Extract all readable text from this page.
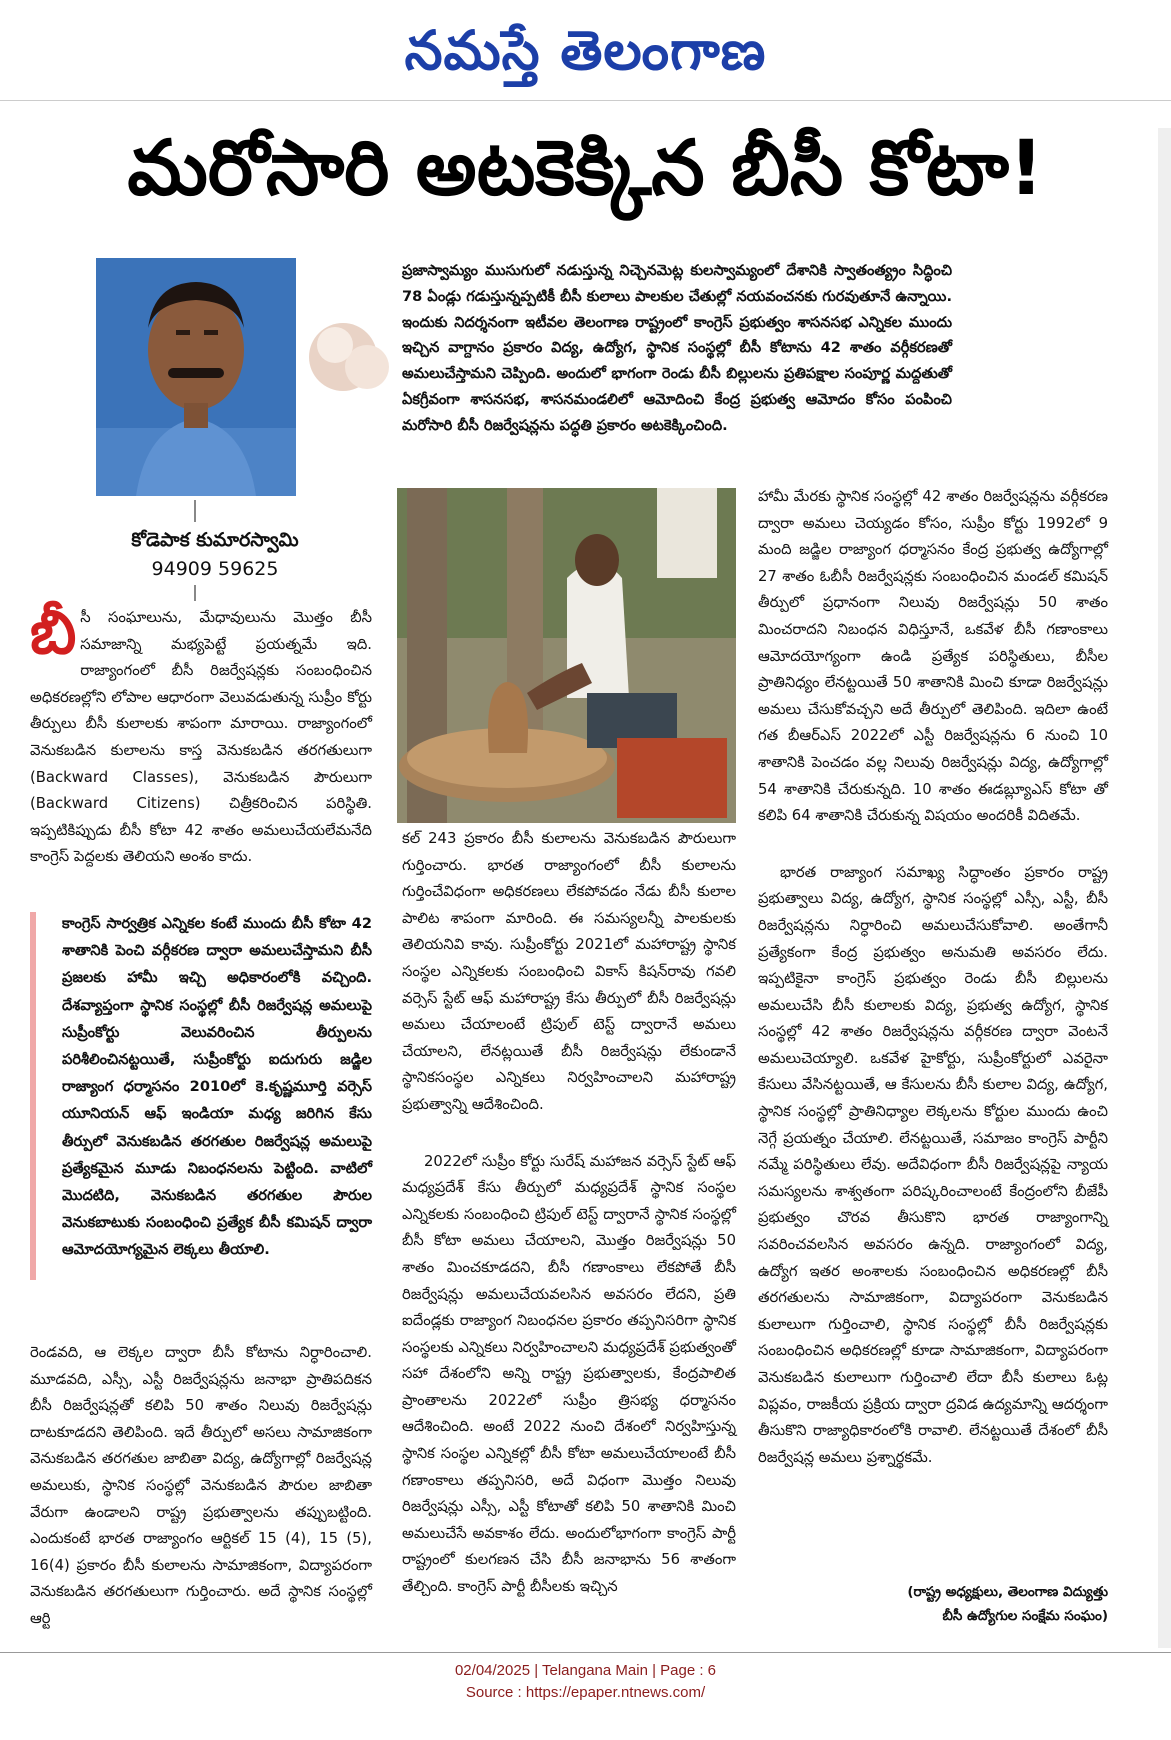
నమస్తే తెలంగాణ
మరోసారి అటకెక్కిన బీసీ కోటా!
కోడెపాక కుమారస్వామి
94909 59625
ప్రజాస్వామ్యం ముసుగులో నడుస్తున్న నిచ్చెనమెట్ల కులస్వామ్యంలో దేశానికి స్వాతంత్య్రం సిద్ధించి 78 ఏండ్లు గడుస్తున్నప్పటికీ బీసీ కులాలు పాలకుల చేతుల్లో నయవంచనకు గురవుతూనే ఉన్నాయి. ఇందుకు నిదర్శనంగా ఇటీవల తెలంగాణ రాష్ట్రంలో కాంగ్రెస్ ప్రభుత్వం శాసనసభ ఎన్నికల ముందు ఇచ్చిన వాగ్దానం ప్రకారం విద్య, ఉద్యోగ, స్థానిక సంస్థల్లో బీసీ కోటాను 42 శాతం వర్గీకరణతో అమలుచేస్తామని చెప్పింది. అందులో భాగంగా రెండు బీసీ బిల్లులను ప్రతిపక్షాల సంపూర్ణ మద్దతుతో ఏకగ్రీవంగా శాసనసభ, శాసనమండలిలో ఆమోదించి కేంద్ర ప్రభుత్వ ఆమోదం కోసం పంపించి మరోసారి బీసీ రిజర్వేషన్లను పద్ధతి ప్రకారం అటకెక్కించింది.
బీ సీ సంఘాలును, మేధావులును మొత్తం బీసీ సమాజాన్ని మభ్యపెట్టే ప్రయత్నమే ఇది. రాజ్యాంగంలో బీసీ రిజర్వేషన్లకు సంబంధించిన అధికరణల్లోని లోపాల ఆధారంగా వెలువడుతున్న సుప్రీం కోర్టు తీర్పులు బీసీ కులాలకు శాపంగా మారాయి. రాజ్యాంగంలో వెనుకబడిన కులాలను కాస్త వెనుకబడిన తరగతులుగా (Backward Classes), వెనుకబడిన పౌరులుగా (Backward Citizens) చిత్రీకరించిన పరిస్థితి. ఇప్పటికిప్పుడు బీసీ కోటా 42 శాతం అమలుచేయలేమనేది కాంగ్రెస్ పెద్దలకు తెలియని అంశం కాదు.
కాంగ్రెస్ సార్వత్రిక ఎన్నికల కంటే ముందు బీసీ కోటా 42 శాతానికి పెంచి వర్గీకరణ ద్వారా అమలుచేస్తామని బీసీ ప్రజలకు హామీ ఇచ్చి అధికారంలోకి వచ్చింది. దేశవ్యాప్తంగా స్థానిక సంస్థల్లో బీసీ రిజర్వేషన్ల అమలుపై సుప్రీంకోర్టు వెలువరించిన తీర్పులను పరిశీలించినట్టయితే, సుప్రీంకోర్టు ఐదుగురు జడ్జిల రాజ్యాంగ ధర్మాసనం 2010లో కె.కృష్ణమూర్తి వర్సెస్ యూనియన్ ఆఫ్ ఇండియా మధ్య జరిగిన కేసు తీర్పులో వెనుకబడిన తరగతుల రిజర్వేషన్ల అమలుపై ప్రత్యేకమైన మూడు నిబంధనలను పెట్టింది. వాటిలో మొదటిది, వెనుకబడిన తరగతుల పౌరుల వెనుకబాటుకు సంబంధించి ప్రత్యేక బీసీ కమిషన్ ద్వారా ఆమోదయోగ్యమైన లెక్కలు తీయాలి.
రెండవది, ఆ లెక్కల ద్వారా బీసీ కోటాను నిర్ధారించాలి. మూడవది, ఎస్సీ, ఎస్టీ రిజర్వేషన్లను జనాభా ప్రాతిపదికన బీసీ రిజర్వేషన్లతో కలిపి 50 శాతం నిలువు రిజర్వేషన్లు దాటకూడదని తెలిపింది. ఇదే తీర్పులో అసలు సామాజికంగా వెనుకబడిన తరగతుల జాబితా విద్య, ఉద్యోగాల్లో రిజర్వేషన్ల అమలుకు, స్థానిక సంస్థల్లో వెనుకబడిన పౌరుల జాబితా వేరుగా ఉండాలని రాష్ట్ర ప్రభుత్వాలను తప్పుబట్టింది. ఎందుకంటే భారత రాజ్యాంగం ఆర్టికల్ 15 (4), 15 (5), 16(4) ప్రకారం బీసీ కులాలను సామాజికంగా, విద్యాపరంగా వెనుకబడిన తరగతులుగా గుర్తించారు. అదే స్థానిక సంస్థల్లో ఆర్టి

కల్ 243 ప్రకారం బీసీ కులాలను వెనుకబడిన పౌరులుగా గుర్తించారు. భారత రాజ్యాంగంలో బీసీ కులాలను గుర్తించేవిధంగా అధికరణలు లేకపోవడం నేడు బీసీ కులాల పాలిట శాపంగా మారింది. ఈ సమస్యలన్నీ పాలకులకు తెలియనివి కావు. సుప్రీంకోర్టు 2021లో మహారాష్ట్ర స్థానిక సంస్థల ఎన్నికలకు సంబంధించి వికాస్ కిషన్‌రావు గవలి వర్సెస్ స్టేట్ ఆఫ్ మహారాష్ట్ర కేసు తీర్పులో బీసీ రిజర్వేషన్లు అమలు చేయాలంటే ట్రిపుల్ టెస్ట్ ద్వారానే అమలు చేయాలని, లేనట్లయితే బీసీ రిజర్వేషన్లు లేకుండానే స్థానికసంస్థల ఎన్నికలు నిర్వహించాలని మహారాష్ట్ర ప్రభుత్వాన్ని ఆదేశించింది.

2022లో సుప్రీం కోర్టు సురేష్ మహాజన వర్సెస్ స్టేట్ ఆఫ్ మధ్యప్రదేశ్ కేసు తీర్పులో మధ్యప్రదేశ్ స్థానిక సంస్థల ఎన్నికలకు సంబంధించి ట్రిపుల్ టెస్ట్ ద్వారానే స్థానిక సంస్థల్లో బీసీ కోటా అమలు చేయాలని, మొత్తం రిజర్వేషన్లు 50 శాతం మించకూడదని, బీసీ గణాంకాలు లేకపోతే బీసీ రిజర్వేషన్లు అమలుచేయవలసిన అవసరం లేదని, ప్రతి ఐదేండ్లకు రాజ్యాంగ నిబంధనల ప్రకారం తప్పనిసరిగా స్థానిక సంస్థలకు ఎన్నికలు నిర్వహించాలని మధ్యప్రదేశ్ ప్రభుత్వంతో సహా దేశంలోని అన్ని రాష్ట్ర ప్రభుత్వాలకు, కేంద్రపాలిత ప్రాంతాలను 2022లో సుప్రీం త్రిసభ్య ధర్మాసనం ఆదేశించింది. అంటే 2022 నుంచి దేశంలో నిర్వహిస్తున్న స్థానిక సంస్థల ఎన్నికల్లో బీసీ కోటా అమలుచేయాలంటే బీసీ గణాంకాలు తప్పనిసరి, అదే విధంగా మొత్తం నిలువు రిజర్వేషన్లు ఎస్సీ, ఎస్టీ కోటాతో కలిపి 50 శాతానికి మించి అమలుచేసే అవకాశం లేదు. అందులోభాగంగా కాంగ్రెస్ పార్టీ రాష్ట్రంలో కులగణన చేసి బీసీ జనాభాను 56 శాతంగా తేల్చింది. కాంగ్రెస్ పార్టీ బీసీలకు ఇచ్చిన

హామీ మేరకు స్థానిక సంస్థల్లో 42 శాతం రిజర్వేషన్లను వర్గీకరణ ద్వారా అమలు చెయ్యడం కోసం, సుప్రీం కోర్టు 1992లో 9 మంది జడ్జిల రాజ్యాంగ ధర్మాసనం కేంద్ర ప్రభుత్వ ఉద్యోగాల్లో 27 శాతం ఓబీసీ రిజర్వేషన్లకు సంబంధించిన మండల్ కమిషన్ తీర్పులో ప్రధానంగా నిలువు రిజర్వేషన్లు 50 శాతం మించరాదని నిబంధన విధిస్తూనే, ఒకవేళ బీసీ గణాంకాలు ఆమోదయోగ్యంగా ఉండి ప్రత్యేక పరిస్థితులు, బీసీల ప్రాతినిధ్యం లేనట్టయితే 50 శాతానికి మించి కూడా రిజర్వేషన్లు అమలు చేసుకోవచ్చని అదే తీర్పులో తెలిపింది. ఇదిలా ఉంటే గత బీఆర్ఎస్ 2022లో ఎస్టీ రిజర్వేషన్లను 6 నుంచి 10 శాతానికి పెంచడం వల్ల నిలువు రిజర్వేషన్లు విద్య, ఉద్యోగాల్లో 54 శాతానికి చేరుకున్నది. 10 శాతం ఈడబ్ల్యూఎస్ కోటా తో కలిపి 64 శాతానికి చేరుకున్న విషయం అందరికీ విదితమే.

భారత రాజ్యాంగ సమాఖ్య సిద్ధాంతం ప్రకారం రాష్ట్ర ప్రభుత్వాలు విద్య, ఉద్యోగ, స్థానిక సంస్థల్లో ఎస్సీ, ఎస్టీ, బీసీ రిజర్వేషన్లను నిర్ధారించి అమలుచేసుకోవాలి. అంతేగానీ ప్రత్యేకంగా కేంద్ర ప్రభుత్వం అనుమతి అవసరం లేదు. ఇప్పటికైనా కాంగ్రెస్ ప్రభుత్వం రెండు బీసీ బిల్లులను అమలుచేసి బీసీ కులాలకు విద్య, ప్రభుత్వ ఉద్యోగ, స్థానిక సంస్థల్లో 42 శాతం రిజర్వేషన్లను వర్గీకరణ ద్వారా వెంటనే అమలుచెయ్యాలి. ఒకవేళ హైకోర్టు, సుప్రీంకోర్టులో ఎవరైనా కేసులు వేసినట్టయితే, ఆ కేసులను బీసీ కులాల విద్య, ఉద్యోగ, స్థానిక సంస్థల్లో ప్రాతినిధ్యాల లెక్కలను కోర్టుల ముందు ఉంచి నెగ్గే ప్రయత్నం చేయాలి. లేనట్టయితే, సమాజం కాంగ్రెస్ పార్టీని నమ్మే పరిస్థితులు లేవు. అదేవిధంగా బీసీ రిజర్వేషన్లపై న్యాయ సమస్యలను శాశ్వతంగా పరిష్కరించాలంటే కేంద్రంలోని బీజేపీ ప్రభుత్వం చొరవ తీసుకొని భారత రాజ్యాంగాన్ని సవరించవలసిన అవసరం ఉన్నది. రాజ్యాంగంలో విద్య, ఉద్యోగ ఇతర అంశాలకు సంబంధించిన అధికరణల్లో బీసీ తరగతులను సామాజికంగా, విద్యాపరంగా వెనుకబడిన కులాలుగా గుర్తించాలి, స్థానిక సంస్థల్లో బీసీ రిజర్వేషన్లకు సంబంధించిన అధికరణల్లో కూడా సామాజికంగా, విద్యాపరంగా వెనుకబడిన కులాలుగా గుర్తించాలి లేదా బీసీ కులాలు ఓట్ల విప్లవం, రాజకీయ ప్రక్రియ ద్వారా ద్రవిడ ఉద్యమాన్ని ఆదర్శంగా తీసుకొని రాజ్యాధికారంలోకి రావాలి. లేనట్టయితే దేశంలో బీసీ రిజర్వేషన్ల అమలు ప్రశ్నార్థకమే.

(రాష్ట్ర అధ్యక్షులు, తెలంగాణ విద్యుత్తు
బీసీ ఉద్యోగుల సంక్షేమ సంఘం)
02/04/2025 | Telangana Main | Page : 6
Source : https://epaper.ntnews.com/
